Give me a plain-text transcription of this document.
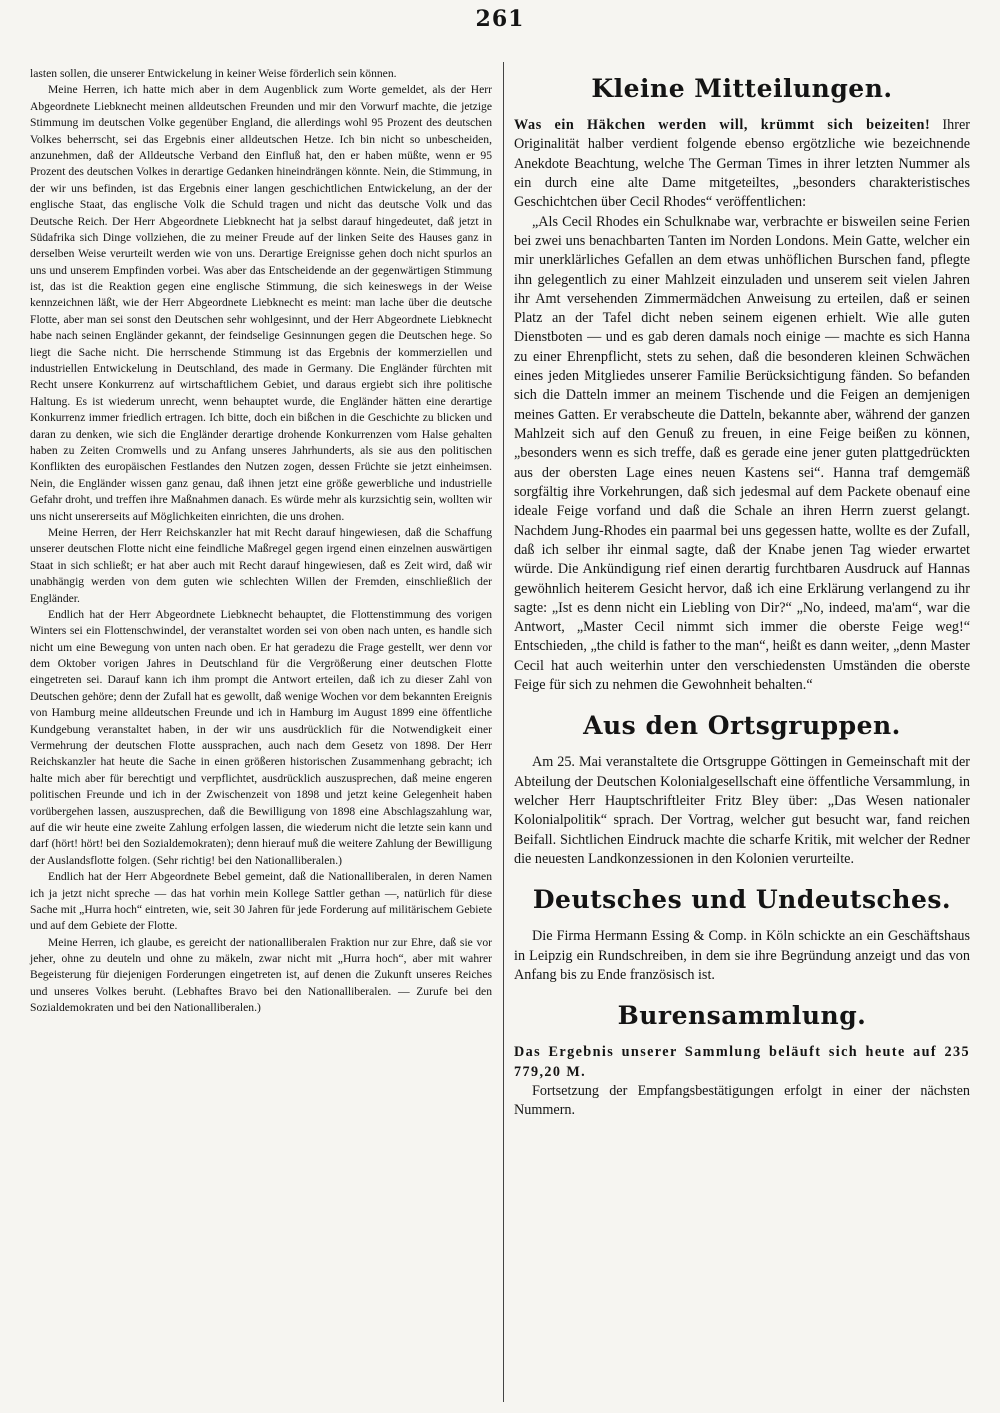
261

lasten sollen, die unserer Entwickelung in keiner Weise förderlich sein können.

Meine Herren, ich hatte mich aber in dem Augenblick zum Worte gemeldet, als der Herr Abgeordnete Liebknecht meinen alldeutschen Freunden und mir den Vorwurf machte, die jetzige Stimmung im deutschen Volke gegenüber England, die allerdings wohl 95 Prozent des deutschen Volkes beherrscht, sei das Ergebnis einer alldeutschen Hetze. Ich bin nicht so unbescheiden, anzunehmen, daß der Alldeutsche Verband den Einfluß hat, den er haben müßte, wenn er 95 Prozent des deutschen Volkes in derartige Gedanken hineindrängen könnte. Nein, die Stimmung, in der wir uns befinden, ist das Ergebnis einer langen geschichtlichen Entwickelung, an der der englische Staat, das englische Volk die Schuld tragen und nicht das deutsche Volk und das Deutsche Reich. Der Herr Abgeordnete Liebknecht hat ja selbst darauf hingedeutet, daß jetzt in Südafrika sich Dinge vollziehen, die zu meiner Freude auf der linken Seite des Hauses ganz in derselben Weise verurteilt werden wie von uns. Derartige Ereignisse gehen doch nicht spurlos an uns und unserem Empfinden vorbei. Was aber das Entscheidende an der gegenwärtigen Stimmung ist, das ist die Reaktion gegen eine englische Stimmung, die sich keineswegs in der Weise kennzeichnen läßt, wie der Herr Abgeordnete Liebknecht es meint: man lache über die deutsche Flotte, aber man sei sonst den Deutschen sehr wohlgesinnt, und der Herr Abgeordnete Liebknecht habe nach seinen Engländer gekannt, der feindselige Gesinnungen gegen die Deutschen hege. So liegt die Sache nicht. Die herrschende Stimmung ist das Ergebnis der kommerziellen und industriellen Entwickelung in Deutschland, des made in Germany. Die Engländer fürchten mit Recht unsere Konkurrenz auf wirtschaftlichem Gebiet, und daraus ergiebt sich ihre politische Haltung. Es ist wiederum unrecht, wenn behauptet wurde, die Engländer hätten eine derartige Konkurrenz immer friedlich ertragen. Ich bitte, doch ein bißchen in die Geschichte zu blicken und daran zu denken, wie sich die Engländer derartige drohende Konkurrenzen vom Halse gehalten haben zu Zeiten Cromwells und zu Anfang unseres Jahrhunderts, als sie aus den politischen Konflikten des europäischen Festlandes den Nutzen zogen, dessen Früchte sie jetzt einheimsen. Nein, die Engländer wissen ganz genau, daß ihnen jetzt eine größe gewerbliche und industrielle Gefahr droht, und treffen ihre Maßnahmen danach. Es würde mehr als kurzsichtig sein, wollten wir uns nicht unsererseits auf Möglichkeiten einrichten, die uns drohen.

Meine Herren, der Herr Reichskanzler hat mit Recht darauf hingewiesen, daß die Schaffung unserer deutschen Flotte nicht eine feindliche Maßregel gegen irgend einen einzelnen auswärtigen Staat in sich schließt; er hat aber auch mit Recht darauf hingewiesen, daß es Zeit wird, daß wir unabhängig werden von dem guten wie schlechten Willen der Fremden, einschließlich der Engländer.

Endlich hat der Herr Abgeordnete Liebknecht behauptet, die Flottenstimmung des vorigen Winters sei ein Flottenschwindel, der veranstaltet worden sei von oben nach unten, es handle sich nicht um eine Bewegung von unten nach oben. Er hat geradezu die Frage gestellt, wer denn vor dem Oktober vorigen Jahres in Deutschland für die Vergrößerung einer deutschen Flotte eingetreten sei. Darauf kann ich ihm prompt die Antwort erteilen, daß ich zu dieser Zahl von Deutschen gehöre; denn der Zufall hat es gewollt, daß wenige Wochen vor dem bekannten Ereignis von Hamburg meine alldeutschen Freunde und ich in Hamburg im August 1899 eine öffentliche Kundgebung veranstaltet haben, in der wir uns ausdrücklich für die Notwendigkeit einer Vermehrung der deutschen Flotte aussprachen, auch nach dem Gesetz von 1898. Der Herr Reichskanzler hat heute die Sache in einen größeren historischen Zusammenhang gebracht; ich halte mich aber für berechtigt und verpflichtet, ausdrücklich auszusprechen, daß meine engeren politischen Freunde und ich in der Zwischenzeit von 1898 und jetzt keine Gelegenheit haben vorübergehen lassen, auszusprechen, daß die Bewilligung von 1898 eine Abschlagszahlung war, auf die wir heute eine zweite Zahlung erfolgen lassen, die wiederum nicht die letzte sein kann und darf (hört! hört! bei den Sozialdemokraten); denn hierauf muß die weitere Zahlung der Bewilligung der Auslandsflotte folgen. (Sehr richtig! bei den Nationalliberalen.)

Endlich hat der Herr Abgeordnete Bebel gemeint, daß die Nationalliberalen, in deren Namen ich ja jetzt nicht spreche — das hat vorhin mein Kollege Sattler gethan —, natürlich für diese Sache mit „Hurra hoch“ eintreten, wie, seit 30 Jahren für jede Forderung auf militärischem Gebiete und auf dem Gebiete der Flotte.

Meine Herren, ich glaube, es gereicht der nationalliberalen Fraktion nur zur Ehre, daß sie vor jeher, ohne zu deuteln und ohne zu mäkeln, zwar nicht mit „Hurra hoch“, aber mit wahrer Begeisterung für diejenigen Forderungen eingetreten ist, auf denen die Zukunft unseres Reiches und unseres Volkes beruht. (Lebhaftes Bravo bei den Nationalliberalen. — Zurufe bei den Sozialdemokraten und bei den Nationalliberalen.)

Kleine Mitteilungen.

Was ein Häkchen werden will, krümmt sich beizeiten! Ihrer Originalität halber verdient folgende ebenso ergötzliche wie bezeichnende Anekdote Beachtung, welche The German Times in ihrer letzten Nummer als ein durch eine alte Dame mitgeteiltes, „besonders charakteristisches Geschichtchen über Cecil Rhodes“ veröffentlichen:

„Als Cecil Rhodes ein Schulknabe war, verbrachte er bisweilen seine Ferien bei zwei uns benachbarten Tanten im Norden Londons. Mein Gatte, welcher ein mir unerklärliches Gefallen an dem etwas unhöflichen Burschen fand, pflegte ihn gelegentlich zu einer Mahlzeit einzuladen und unserem seit vielen Jahren ihr Amt versehenden Zimmermädchen Anweisung zu erteilen, daß er seinen Platz an der Tafel dicht neben seinem eigenen erhielt. Wie alle guten Dienstboten — und es gab deren damals noch einige — machte es sich Hanna zu einer Ehrenpflicht, stets zu sehen, daß die besonderen kleinen Schwächen eines jeden Mitgliedes unserer Familie Berücksichtigung fänden. So befanden sich die Datteln immer an meinem Tischende und die Feigen an demjenigen meines Gatten. Er verabscheute die Datteln, bekannte aber, während der ganzen Mahlzeit sich auf den Genuß zu freuen, in eine Feige beißen zu können, „besonders wenn es sich treffe, daß es gerade eine jener guten plattgedrückten aus der obersten Lage eines neuen Kastens sei“. Hanna traf demgemäß sorgfältig ihre Vorkehrungen, daß sich jedesmal auf dem Packete obenauf eine ideale Feige vorfand und daß die Schale an ihren Herrn zuerst gelangt. Nachdem Jung-Rhodes ein paarmal bei uns gegessen hatte, wollte es der Zufall, daß ich selber ihr einmal sagte, daß der Knabe jenen Tag wieder erwartet würde. Die Ankündigung rief einen derartig furchtbaren Ausdruck auf Hannas gewöhnlich heiterem Gesicht hervor, daß ich eine Erklärung verlangend zu ihr sagte: „Ist es denn nicht ein Liebling von Dir?“ „No, indeed, ma'am“, war die Antwort, „Master Cecil nimmt sich immer die oberste Feige weg!“ Entschieden, „the child is father to the man“, heißt es dann weiter, „denn Master Cecil hat auch weiterhin unter den verschiedensten Umständen die oberste Feige für sich zu nehmen die Gewohnheit behalten.“

Aus den Ortsgruppen.

Am 25. Mai veranstaltete die Ortsgruppe Göttingen in Gemeinschaft mit der Abteilung der Deutschen Kolonialgesellschaft eine öffentliche Versammlung, in welcher Herr Hauptschriftleiter Fritz Bley über: „Das Wesen nationaler Kolonialpolitik“ sprach. Der Vortrag, welcher gut besucht war, fand reichen Beifall. Sichtlichen Eindruck machte die scharfe Kritik, mit welcher der Redner die neuesten Landkonzessionen in den Kolonien verurteilte.

Deutsches und Undeutsches.

Die Firma Hermann Essing & Comp. in Köln schickte an ein Geschäftshaus in Leipzig ein Rundschreiben, in dem sie ihre Begründung anzeigt und das von Anfang bis zu Ende französisch ist.

Burensammlung.

Das Ergebnis unserer Sammlung beläuft sich heute auf 235 779,20 M.

Fortsetzung der Empfangsbestätigungen erfolgt in einer der nächsten Nummern.
